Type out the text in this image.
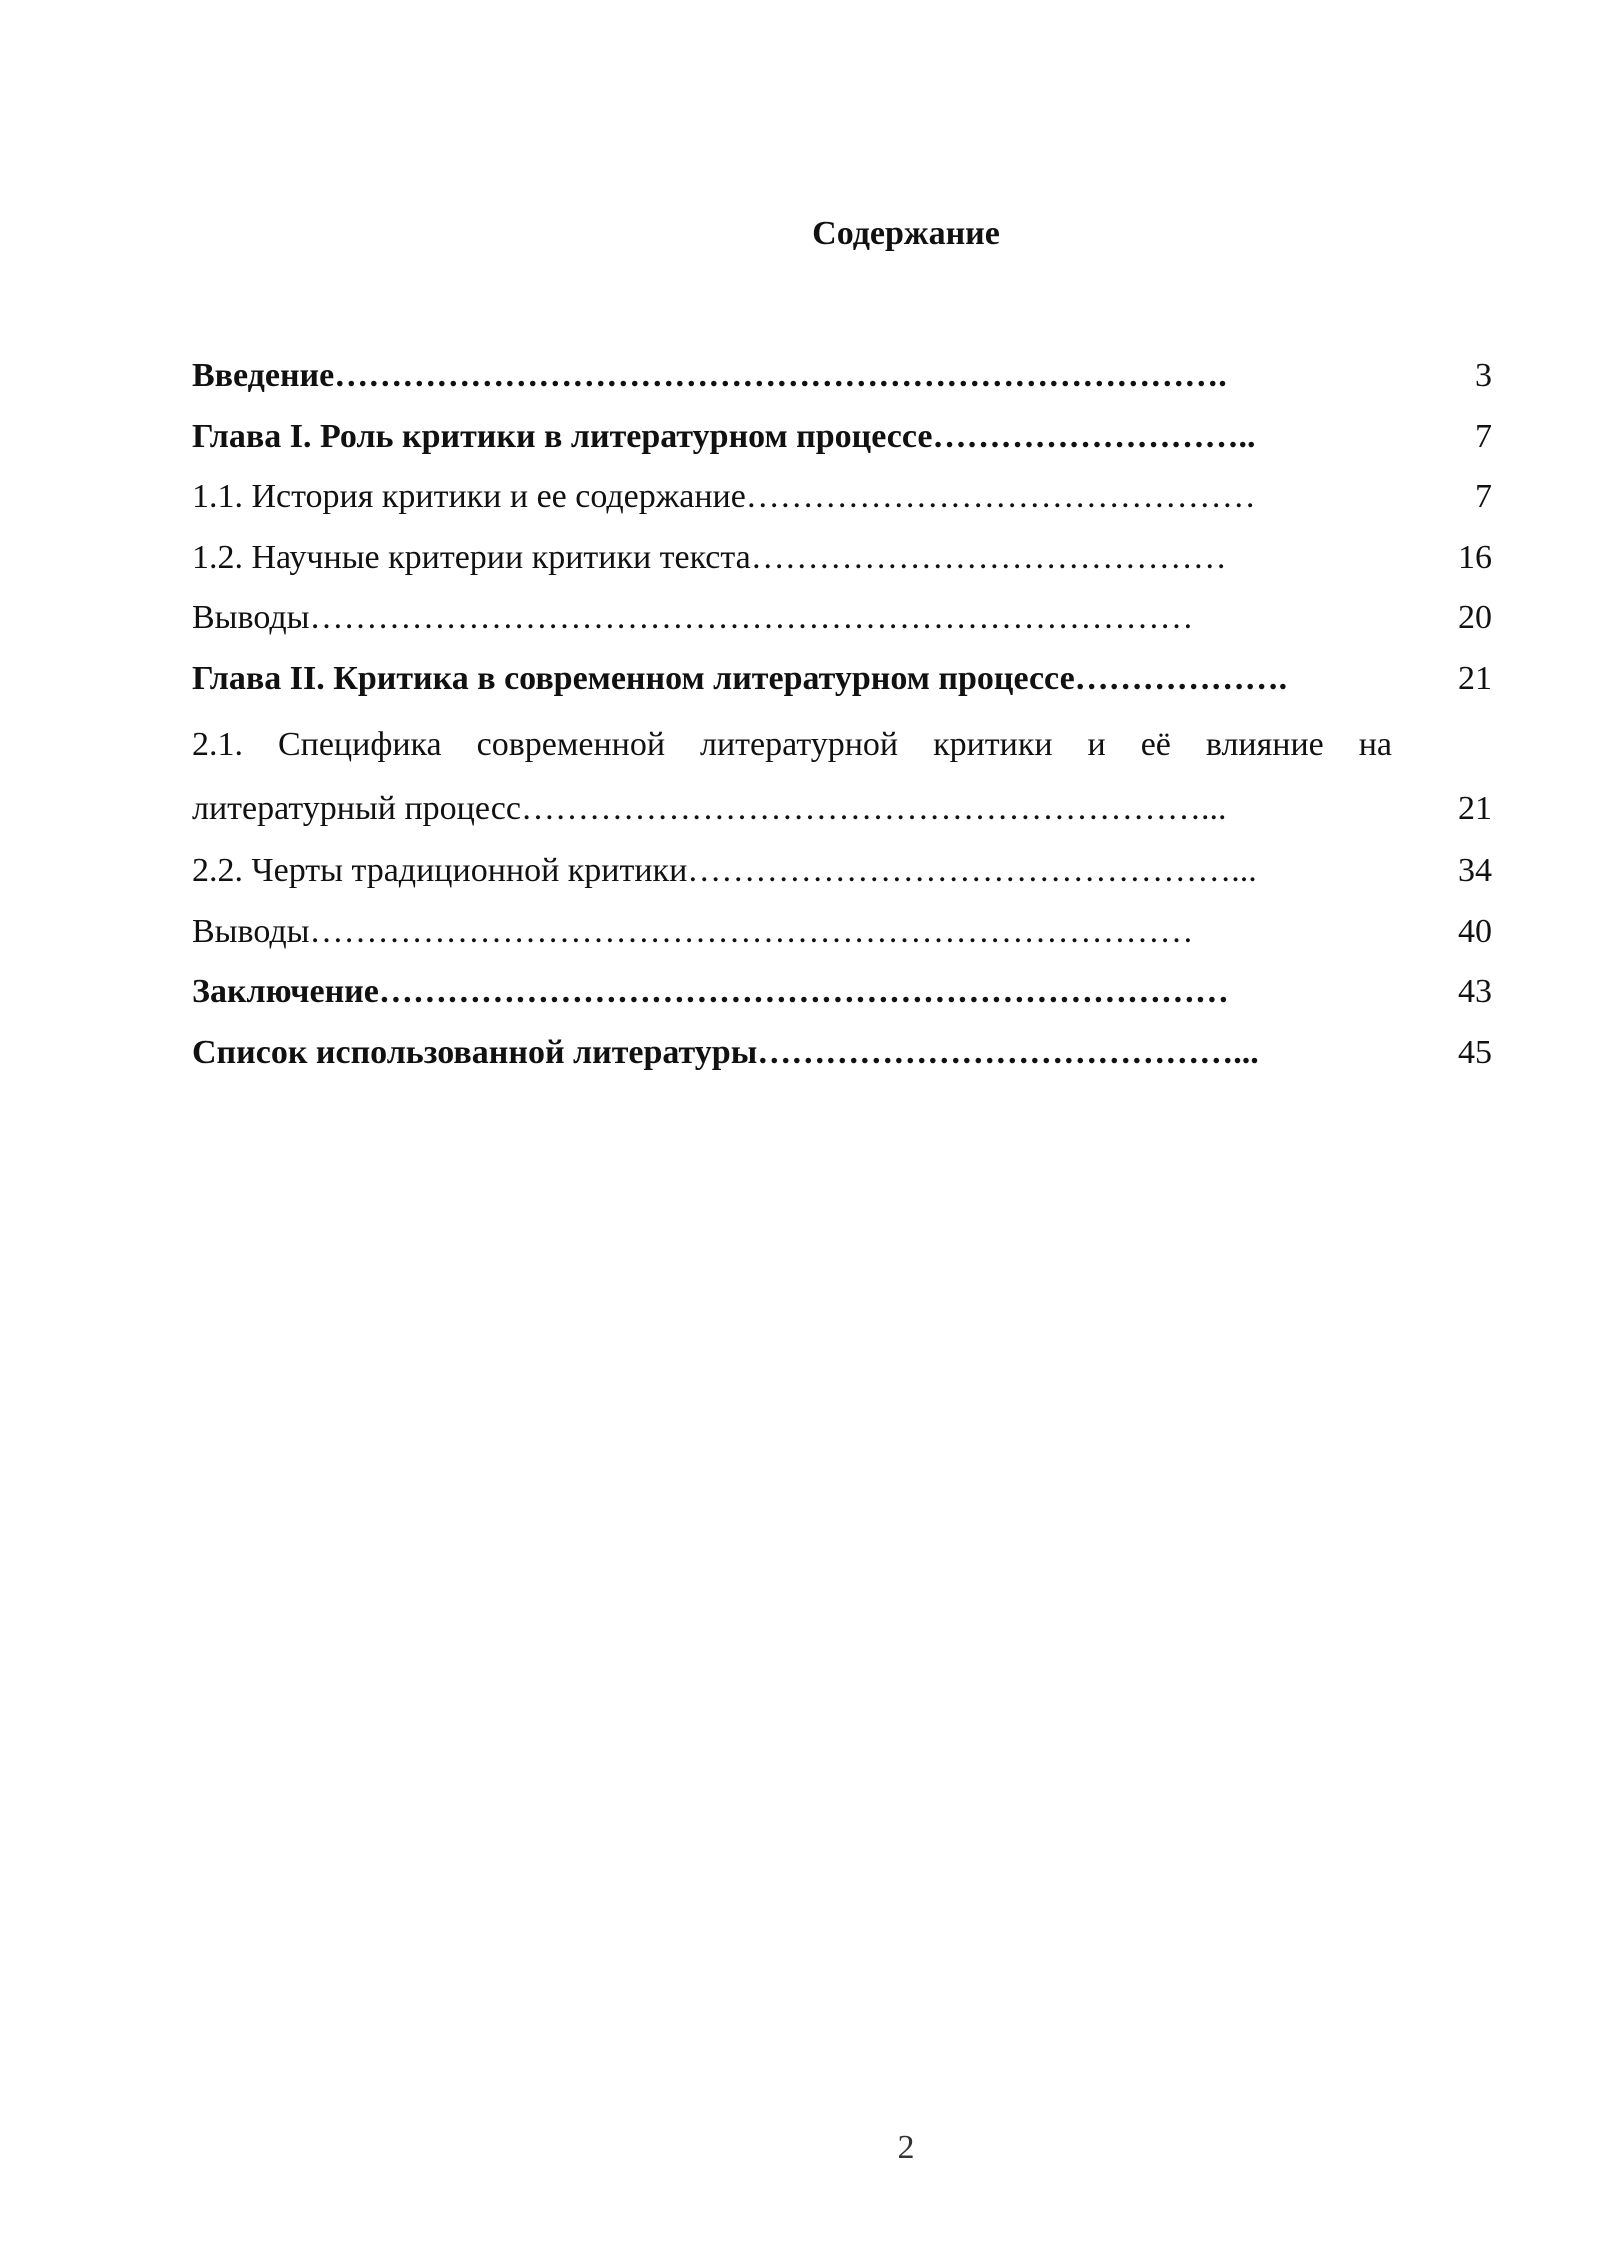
Содержание
Введение…………………………………………………………………….	3
Глава I. Роль критики в литературном процессе………………………..	7
1.1. История критики и ее содержание………………………………………	7
1.2. Научные критерии критики текста……………………………………	16
Выводы……………………………………………………………………	20
Глава II. Критика в современном литературном процессе……………….	21
2.1. Специфика современной литературной критики и её влияние на литературный процесс……………………………………………………...	21
2.2. Черты традиционной критики…………………………………………...	34
Выводы……………………………………………………………………	40
Заключение…………………………………………………………………	43
Список использованной литературы……………………………………...	45
2
